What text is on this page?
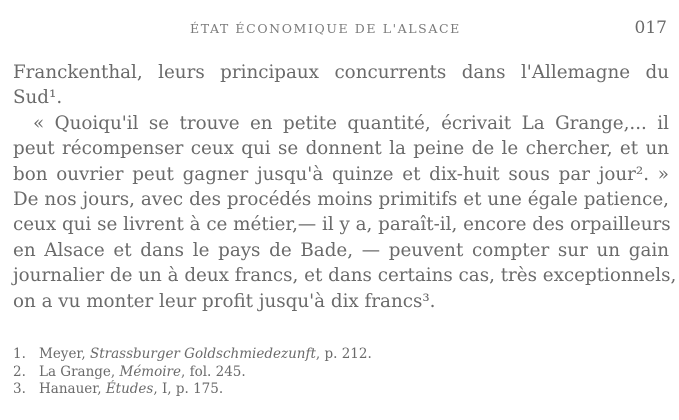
ÉTAT ÉCONOMIQUE DE L'ALSACE	017
Franckenthal, leurs principaux concurrents dans l'Allemagne du
Sud¹.
« Quoiqu'il se trouve en petite quantité, écrivait La Grange,... il
peut récompenser ceux qui se donnent la peine de le chercher, et un
bon ouvrier peut gagner jusqu'à quinze et dix-huit sous par jour². »
De nos jours, avec des procédés moins primitifs et une égale patience,
ceux qui se livrent à ce métier,— il y a, paraît-il, encore des orpailleurs
en Alsace et dans le pays de Bade, — peuvent compter sur un gain
journalier de un à deux francs, et dans certains cas, très exceptionnels,
on a vu monter leur profit jusqu'à dix francs³.
1. Meyer, Strassburger Goldschmiedezunft, p. 212.
2. La Grange, Mémoire, fol. 245.
3. Hanauer, Études, I, p. 175.
